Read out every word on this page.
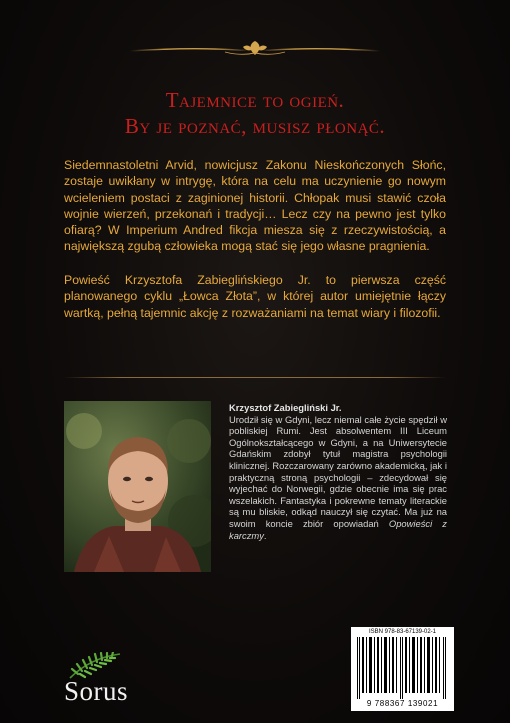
Tajemnice to ogień.
By je poznać, musisz płonąć.

Siedemnastoletni Arvid, nowicjusz Zakonu Nieskończonych Słońc, zostaje uwikłany w intrygę, która na celu ma uczynienie go nowym wcieleniem postaci z zaginionej historii. Chłopak musi stawić czoła wojnie wierzeń, przekonań i tradycji… Lecz czy na pewno jest tylko ofiarą? W Imperium Andred fikcja miesza się z rzeczywistością, a największą zgubą człowieka mogą stać się jego własne pragnienia.

Powieść Krzysztofa Zabieglińskiego Jr. to pierwsza część planowanego cyklu „Łowca Złota”, w której autor umiejętnie łączy wartką, pełną tajemnic akcję z rozważaniami na temat wiary i filozofii.

Krzysztof Zabiegliński Jr.
Urodził się w Gdyni, lecz niemal całe życie spędził w pobliskiej Rumi. Jest absolwentem III Liceum Ogólnokształcącego w Gdyni, a na Uniwersytecie Gdańskim zdobył tytuł magistra psychologii klinicznej. Rozczarowany zarówno akademicką, jak i praktyczną stroną psychologii – zdecydował się wyjechać do Norwegii, gdzie obecnie ima się prac wszelakich. Fantastyka i pokrewne tematy literackie są mu bliskie, odkąd nauczył się czytać. Ma już na swoim koncie zbiór opowiadań Opowieści z karczmy.
Sorus
ISBN 978-83-67139-02-1
9 788367 139021
